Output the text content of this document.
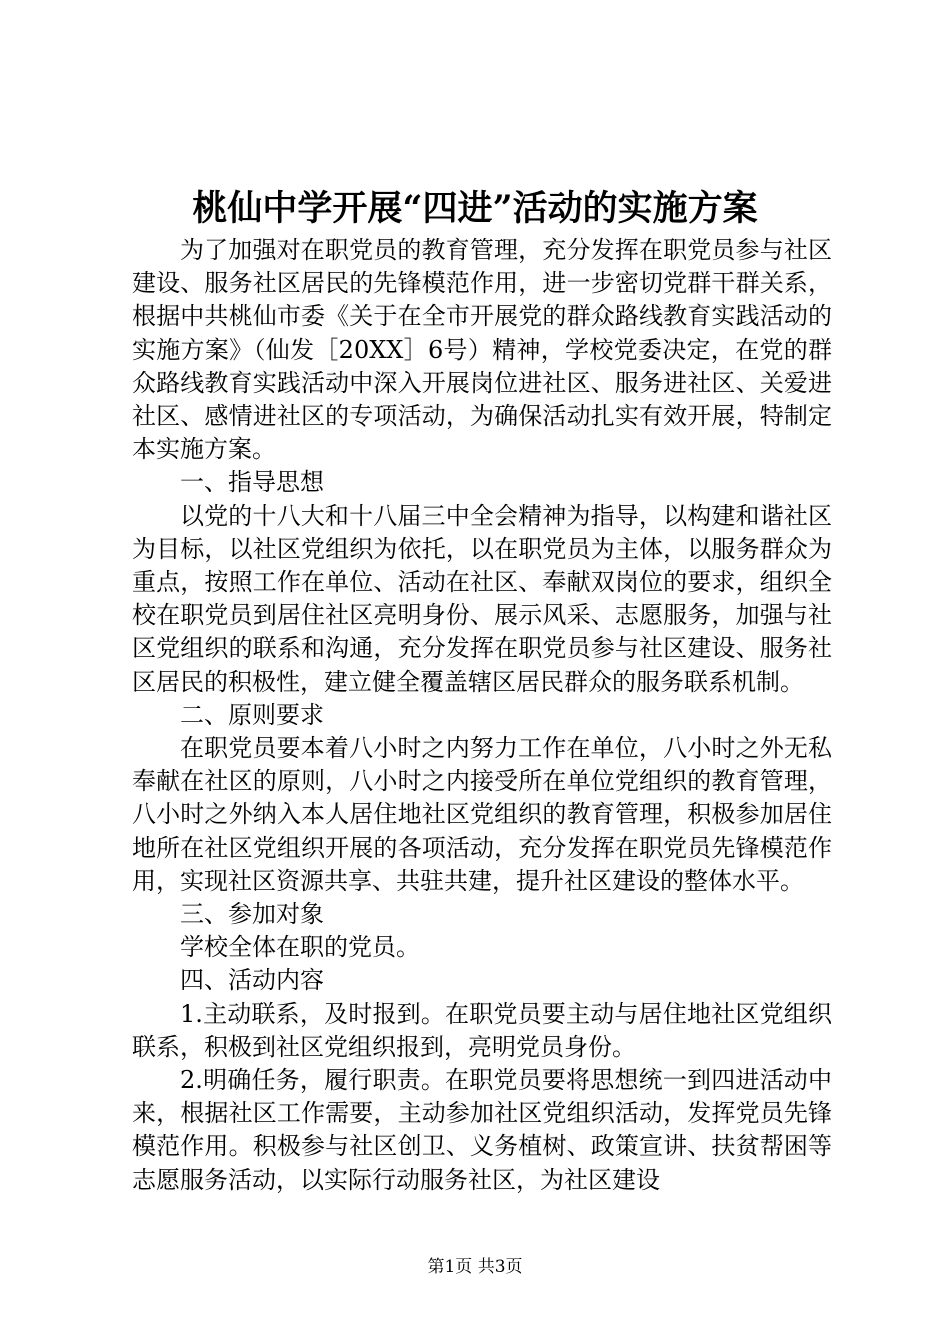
桃仙中学开展“四进”活动的实施方案

为了加强对在职党员的教育管理，充分发挥在职党员参与社区建设、服务社区居民的先锋模范作用，进一步密切党群干群关系，根据中共桃仙市委《关于在全市开展党的群众路线教育实践活动的实施方案》（仙发［20XX］6号）精神，学校党委决定，在党的群众路线教育实践活动中深入开展岗位进社区、服务进社区、关爱进社区、感情进社区的专项活动，为确保活动扎实有效开展，特制定本实施方案。

一、指导思想

以党的十八大和十八届三中全会精神为指导，以构建和谐社区为目标，以社区党组织为依托，以在职党员为主体，以服务群众为重点，按照工作在单位、活动在社区、奉献双岗位的要求，组织全校在职党员到居住社区亮明身份、展示风采、志愿服务，加强与社区党组织的联系和沟通，充分发挥在职党员参与社区建设、服务社区居民的积极性，建立健全覆盖辖区居民群众的服务联系机制。

二、原则要求

在职党员要本着八小时之内努力工作在单位，八小时之外无私奉献在社区的原则，八小时之内接受所在单位党组织的教育管理，八小时之外纳入本人居住地社区党组织的教育管理，积极参加居住地所在社区党组织开展的各项活动，充分发挥在职党员先锋模范作用，实现社区资源共享、共驻共建，提升社区建设的整体水平。

三、参加对象

学校全体在职的党员。

四、活动内容

1.主动联系，及时报到。在职党员要主动与居住地社区党组织联系，积极到社区党组织报到，亮明党员身份。

2.明确任务，履行职责。在职党员要将思想统一到四进活动中来，根据社区工作需要，主动参加社区党组织活动，发挥党员先锋模范作用。积极参与社区创卫、义务植树、政策宣讲、扶贫帮困等志愿服务活动，以实际行动服务社区，为社区建设

第1页 共3页
